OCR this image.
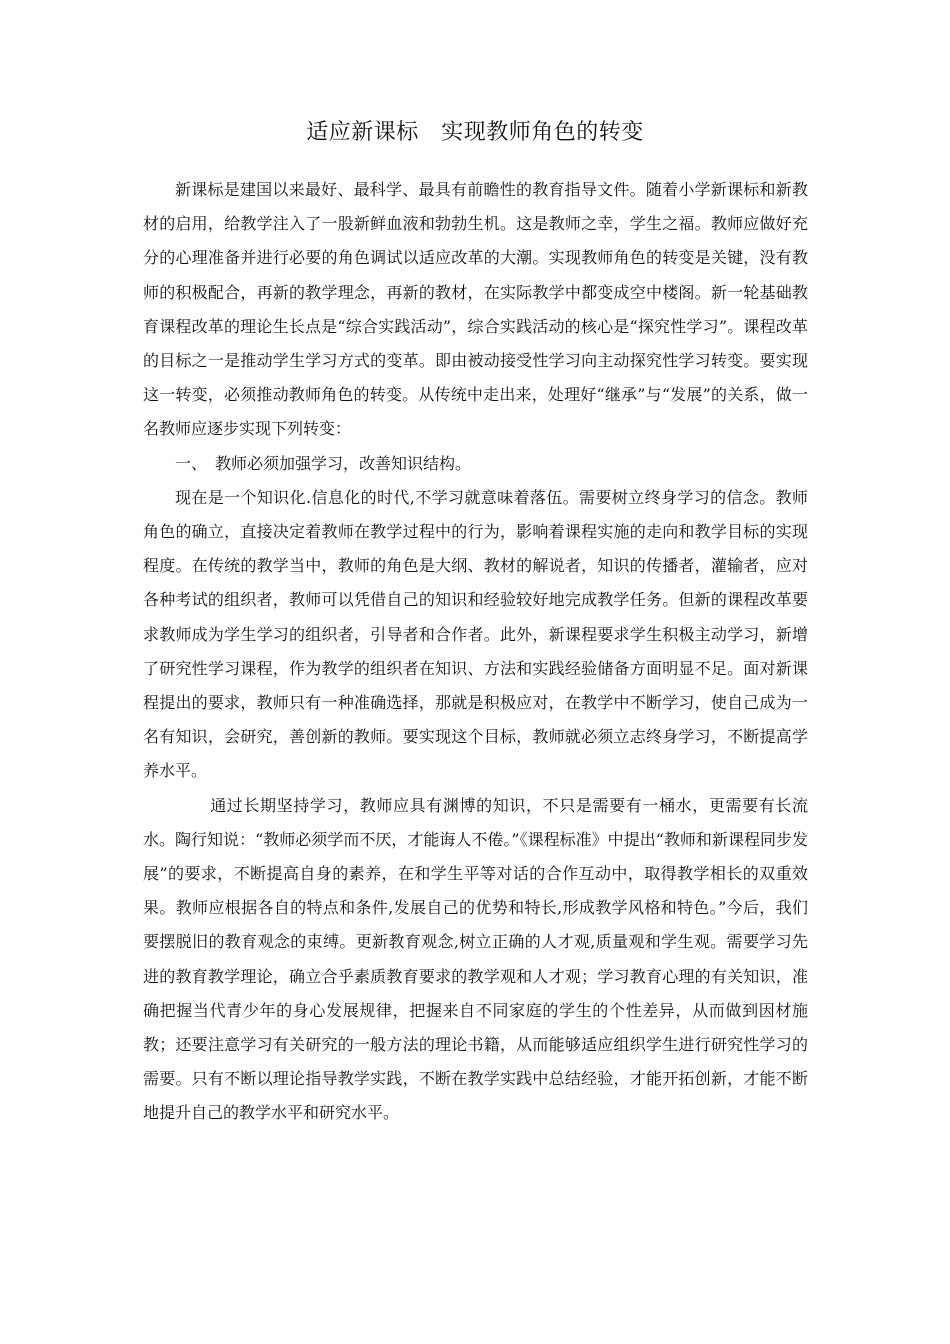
适应新课标　实现教师角色的转变

新课标是建国以来最好、最科学、最具有前瞻性的教育指导文件。随着小学新课标和新教材的启用，给教学注入了一股新鲜血液和勃勃生机。这是教师之幸，学生之福。教师应做好充分的心理准备并进行必要的角色调试以适应改革的大潮。实现教师角色的转变是关键，没有教师的积极配合，再新的教学理念，再新的教材，在实际教学中都变成空中楼阁。新一轮基础教育课程改革的理论生长点是“综合实践活动”，综合实践活动的核心是“探究性学习”。课程改革的目标之一是推动学生学习方式的变革。即由被动接受性学习向主动探究性学习转变。要实现这一转变，必须推动教师角色的转变。从传统中走出来，处理好“继承”与“发展”的关系，做一名教师应逐步实现下列转变：

一、　教师必须加强学习，改善知识结构。

现在是一个知识化.信息化的时代,不学习就意味着落伍。需要树立终身学习的信念。教师角色的确立，直接决定着教师在教学过程中的行为，影响着课程实施的走向和教学目标的实现程度。在传统的教学当中，教师的角色是大纲、教材的解说者，知识的传播者，灌输者，应对各种考试的组织者，教师可以凭借自己的知识和经验较好地完成教学任务。但新的课程改革要求教师成为学生学习的组织者，引导者和合作者。此外，新课程要求学生积极主动学习，新增了研究性学习课程，作为教学的组织者在知识、方法和实践经验储备方面明显不足。面对新课程提出的要求，教师只有一种准确选择，那就是积极应对，在教学中不断学习，使自己成为一名有知识，会研究，善创新的教师。要实现这个目标，教师就必须立志终身学习，不断提高学养水平。

通过长期坚持学习，教师应具有渊博的知识，不只是需要有一桶水，更需要有长流水。陶行知说：“教师必须学而不厌，才能诲人不倦。”《课程标准》中提出“教师和新课程同步发展”的要求，不断提高自身的素养，在和学生平等对话的合作互动中，取得教学相长的双重效果。教师应根据各自的特点和条件,发展自己的优势和特长,形成教学风格和特色。”今后，我们要摆脱旧的教育观念的束缚。更新教育观念,树立正确的人才观,质量观和学生观。需要学习先进的教育教学理论，确立合乎素质教育要求的教学观和人才观；学习教育心理的有关知识，准确把握当代青少年的身心发展规律，把握来自不同家庭的学生的个性差异，从而做到因材施教；还要注意学习有关研究的一般方法的理论书籍，从而能够适应组织学生进行研究性学习的需要。只有不断以理论指导教学实践，不断在教学实践中总结经验，才能开拓创新，才能不断地提升自己的教学水平和研究水平。
